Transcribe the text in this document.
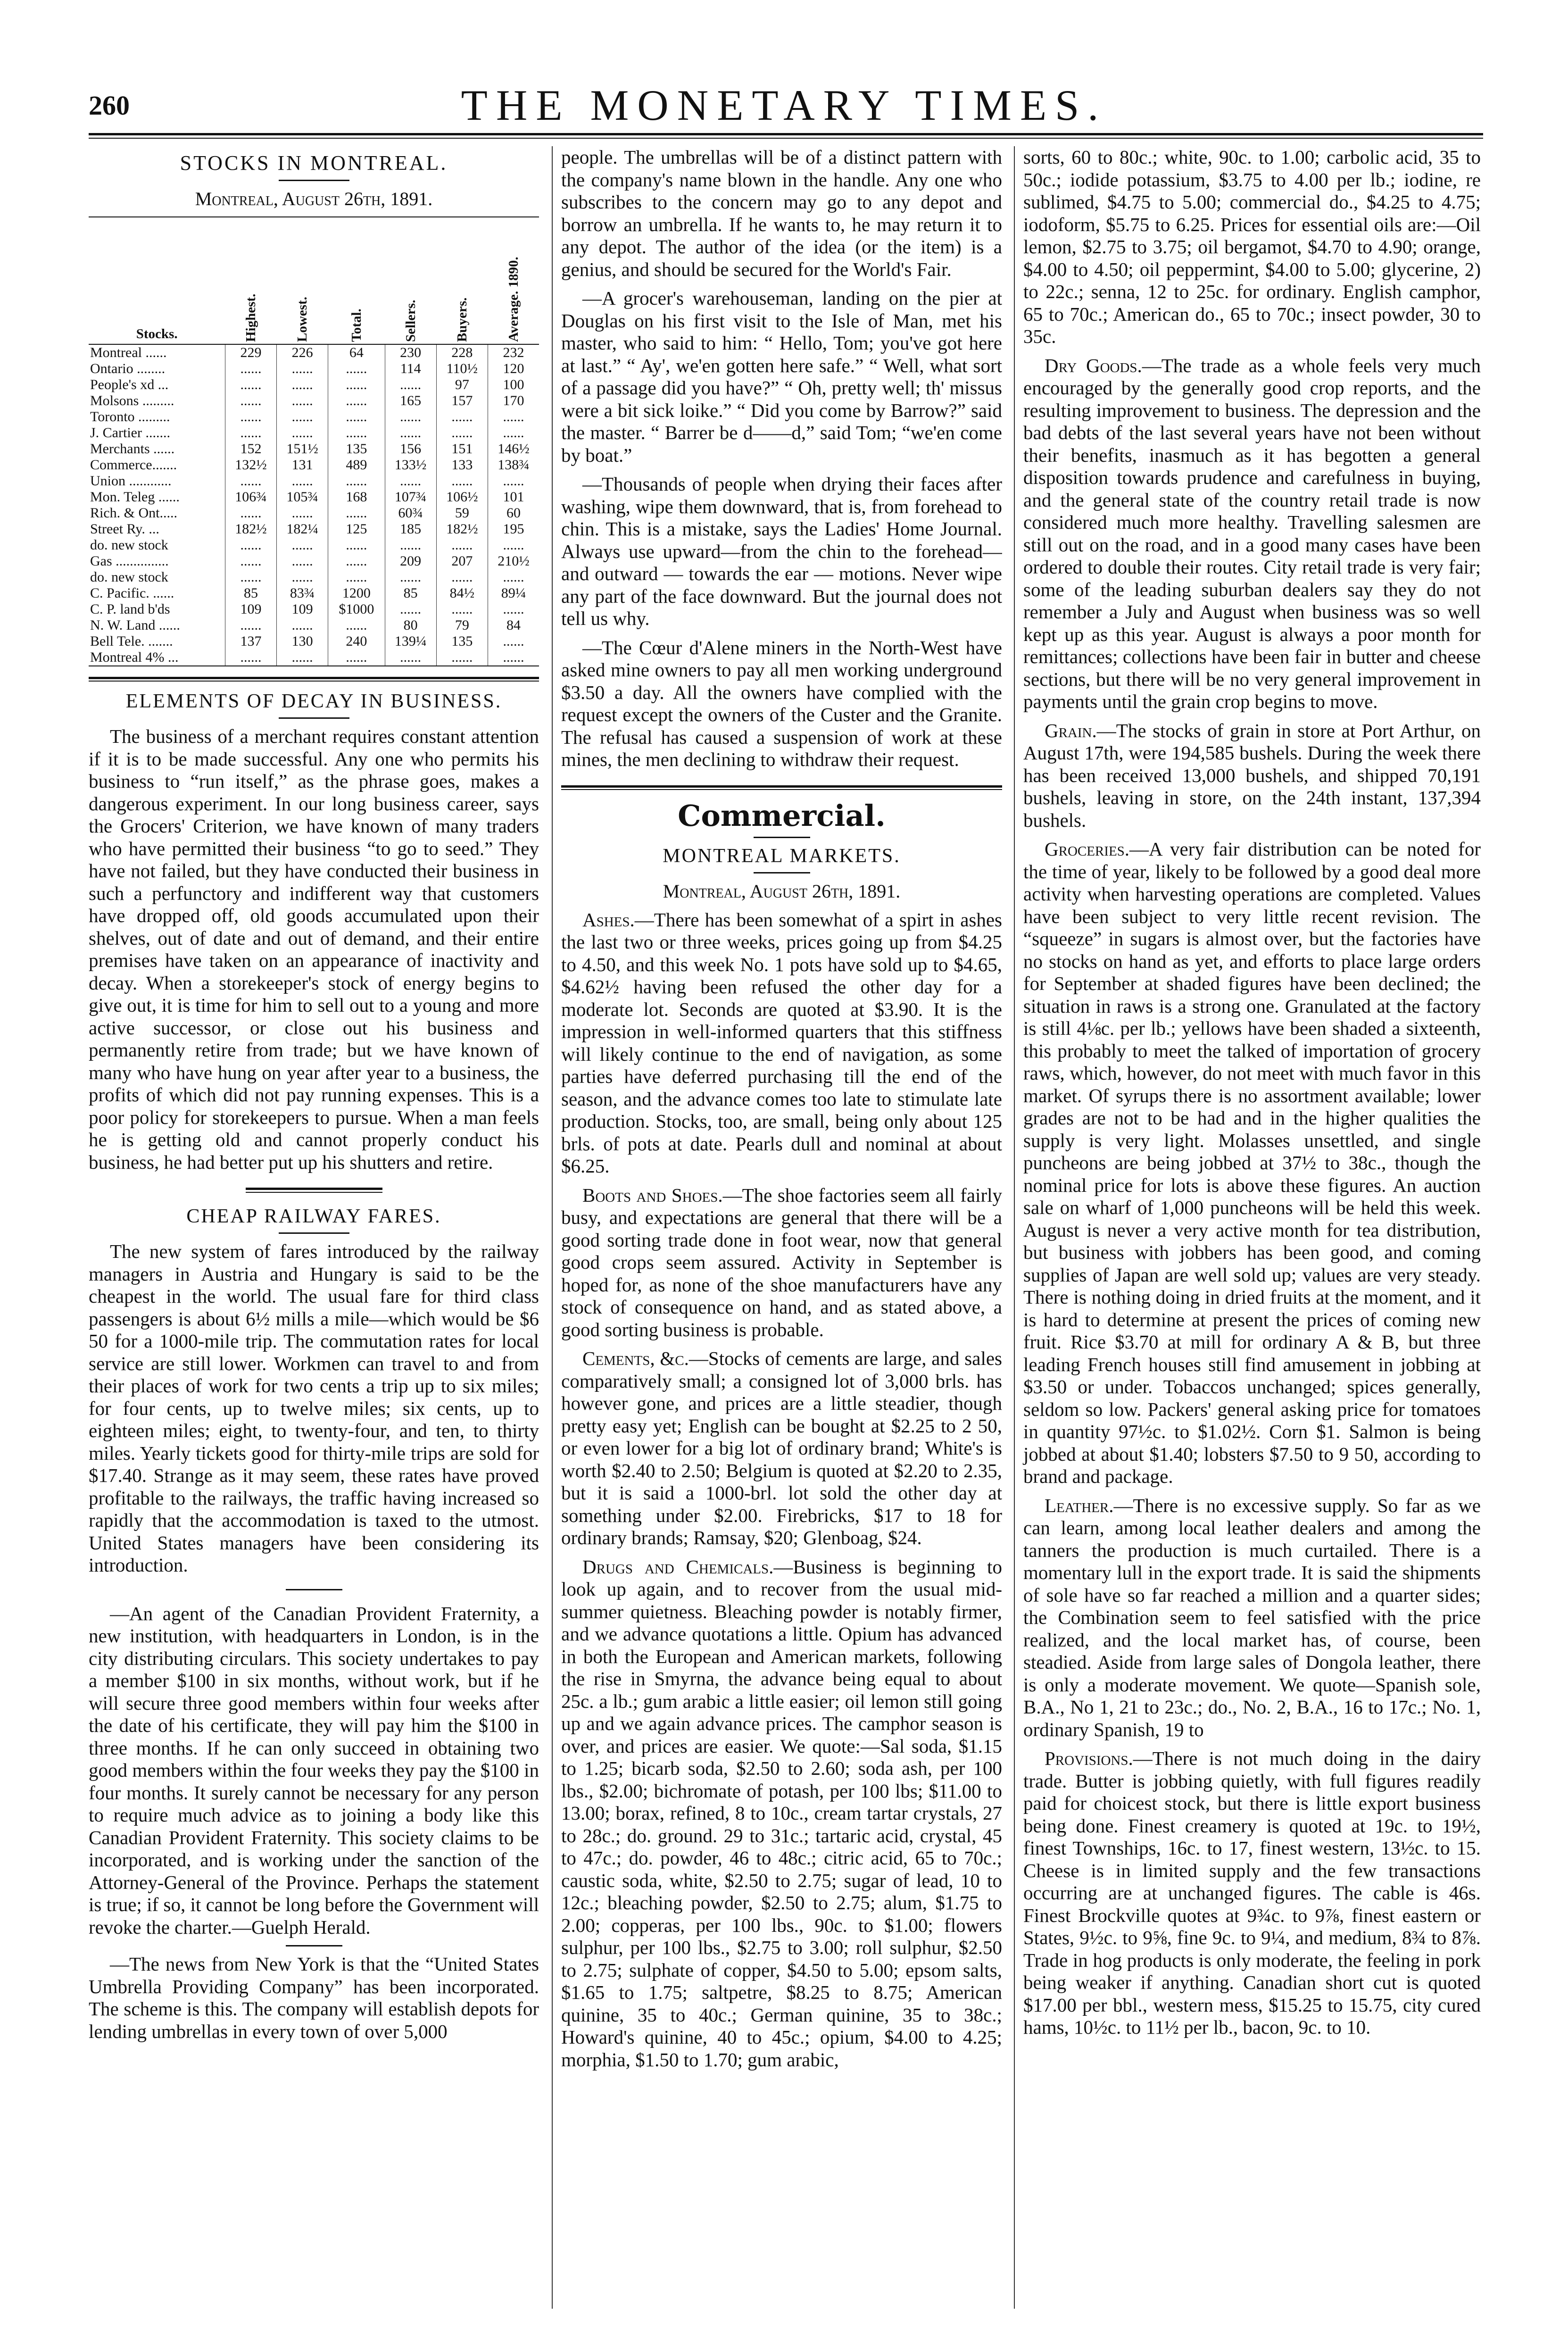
260	THE MONETARY TIMES.
STOCKS IN MONTREAL.
Montreal, August 26th, 1891.
Stocks.	Highest.	Lowest.	Total.	Sellers.	Buyers.	Average. 1890.
Montreal ......	229	226	64	230	228	232
Ontario ........	......	......	......	114	110½	120
People's xd ...	......	......	......	......	97	100
Molsons .........	......	......	......	165	157	170
Toronto .........	......	......	......	......	......	......
J. Cartier .......	......	......	......	......	......	......
Merchants ......	152	151½	135	156	151	146½
Commerce.......	132½	131	489	133½	133	138¾
Union ............	......	......	......	......	......	......
Mon. Teleg ......	106¾	105¾	168	107¾	106½	101
Rich. & Ont.....	......	......	......	60¾	59	60
Street Ry. ...	182½	182¼	125	185	182½	195
do. new stock	......	......	......	......	......	......
Gas ...............	......	......	......	209	207	210½
do. new stock	......	......	......	......	......	......
C. Pacific. ......	85	83¾	1200	85	84½	89¼
C. P. land b'ds	109	109	$1000	......	......	......
N. W. Land ......	......	......	......	80	79	84
Bell Tele. .......	137	130	240	139¼	135	......
Montreal 4% ...	......	......	......	......	......	......
ELEMENTS OF DECAY IN BUSINESS.

The business of a merchant requires constant attention if it is to be made successful. Any one who permits his business to “run itself,” as the phrase goes, makes a dangerous experiment. In our long business career, says the Grocers' Criterion, we have known of many traders who have permitted their business “to go to seed.” They have not failed, but they have conducted their business in such a perfunctory and indifferent way that customers have dropped off, old goods accumulated upon their shelves, out of date and out of demand, and their entire premises have taken on an appearance of inactivity and decay. When a storekeeper's stock of energy begins to give out, it is time for him to sell out to a young and more active successor, or close out his business and permanently retire from trade; but we have known of many who have hung on year after year to a business, the profits of which did not pay running expenses. This is a poor policy for storekeepers to pursue. When a man feels he is getting old and cannot properly conduct his business, he had better put up his shutters and retire.

CHEAP RAILWAY FARES.

The new system of fares introduced by the railway managers in Austria and Hungary is said to be the cheapest in the world. The usual fare for third class passengers is about 6½ mills a mile—which would be $6 50 for a 1000-mile trip. The commutation rates for local service are still lower. Workmen can travel to and from their places of work for two cents a trip up to six miles; for four cents, up to twelve miles; six cents, up to eighteen miles; eight, to twenty-four, and ten, to thirty miles. Yearly tickets good for thirty-mile trips are sold for $17.40. Strange as it may seem, these rates have proved profitable to the railways, the traffic having increased so rapidly that the accommodation is taxed to the utmost. United States managers have been considering its introduction.

—An agent of the Canadian Provident Fraternity, a new institution, with headquarters in London, is in the city distributing circulars. This society undertakes to pay a member $100 in six months, without work, but if he will secure three good members within four weeks after the date of his certificate, they will pay him the $100 in three months. If he can only succeed in obtaining two good members within the four weeks they pay the $100 in four months. It surely cannot be necessary for any person to require much advice as to joining a body like this Canadian Provident Fraternity. This society claims to be incorporated, and is working under the sanction of the Attorney-General of the Province. Perhaps the statement is true; if so, it cannot be long before the Government will revoke the charter.—Guelph Herald.

—The news from New York is that the “United States Umbrella Providing Company” has been incorporated. The scheme is this. The company will establish depots for lending umbrellas in every town of over 5,000

people. The umbrellas will be of a distinct pattern with the company's name blown in the handle. Any one who subscribes to the concern may go to any depot and borrow an umbrella. If he wants to, he may return it to any depot. The author of the idea (or the item) is a genius, and should be secured for the World's Fair.

—A grocer's warehouseman, landing on the pier at Douglas on his first visit to the Isle of Man, met his master, who said to him: “ Hello, Tom; you've got here at last.” “ Ay', we'en gotten here safe.” “ Well, what sort of a passage did you have?” “ Oh, pretty well; th' missus were a bit sick loike.” “ Did you come by Barrow?” said the master. “ Barrer be d——d,” said Tom; “we'en come by boat.”

—Thousands of people when drying their faces after washing, wipe them downward, that is, from forehead to chin. This is a mistake, says the Ladies' Home Journal. Always use upward—from the chin to the forehead—and outward — towards the ear — motions. Never wipe any part of the face downward. But the journal does not tell us why.

—The Cœur d'Alene miners in the North-West have asked mine owners to pay all men working underground $3.50 a day. All the owners have complied with the request except the owners of the Custer and the Granite. The refusal has caused a suspension of work at these mines, the men declining to withdraw their request.

Commercial.
MONTREAL MARKETS.
Montreal, August 26th, 1891.

Ashes.—There has been somewhat of a spirt in ashes the last two or three weeks, prices going up from $4.25 to 4.50, and this week No. 1 pots have sold up to $4.65, $4.62½ having been refused the other day for a moderate lot. Seconds are quoted at $3.90. It is the impression in well-informed quarters that this stiffness will likely continue to the end of navigation, as some parties have deferred purchasing till the end of the season, and the advance comes too late to stimulate late production. Stocks, too, are small, being only about 125 brls. of pots at date. Pearls dull and nominal at about $6.25.

Boots and Shoes.—The shoe factories seem all fairly busy, and expectations are general that there will be a good sorting trade done in foot wear, now that general good crops seem assured. Activity in September is hoped for, as none of the shoe manufacturers have any stock of consequence on hand, and as stated above, a good sorting business is probable.

Cements, &c.—Stocks of cements are large, and sales comparatively small; a consigned lot of 3,000 brls. has however gone, and prices are a little steadier, though pretty easy yet; English can be bought at $2.25 to 2 50, or even lower for a big lot of ordinary brand; White's is worth $2.40 to 2.50; Belgium is quoted at $2.20 to 2.35, but it is said a 1000-brl. lot sold the other day at something under $2.00. Firebricks, $17 to 18 for ordinary brands; Ramsay, $20; Glenboag, $24.

Drugs and Chemicals.—Business is beginning to look up again, and to recover from the usual mid-summer quietness. Bleaching powder is notably firmer, and we advance quotations a little. Opium has advanced in both the European and American markets, following the rise in Smyrna, the advance being equal to about 25c. a lb.; gum arabic a little easier; oil lemon still going up and we again advance prices. The camphor season is over, and prices are easier. We quote:—Sal soda, $1.15 to 1.25; bicarb soda, $2.50 to 2.60; soda ash, per 100 lbs., $2.00; bichromate of potash, per 100 lbs; $11.00 to 13.00; borax, refined, 8 to 10c., cream tartar crystals, 27 to 28c.; do. ground. 29 to 31c.; tartaric acid, crystal, 45 to 47c.; do. powder, 46 to 48c.; citric acid, 65 to 70c.; caustic soda, white, $2.50 to 2.75; sugar of lead, 10 to 12c.; bleaching powder, $2.50 to 2.75; alum, $1.75 to 2.00; copperas, per 100 lbs., 90c. to $1.00; flowers sulphur, per 100 lbs., $2.75 to 3.00; roll sulphur, $2.50 to 2.75; sulphate of copper, $4.50 to 5.00; epsom salts, $1.65 to 1.75; saltpetre, $8.25 to 8.75; American quinine, 35 to 40c.; German quinine, 35 to 38c.; Howard's quinine, 40 to 45c.; opium, $4.00 to 4.25; morphia, $1.50 to 1.70; gum arabic,

sorts, 60 to 80c.; white, 90c. to 1.00; carbolic acid, 35 to 50c.; iodide potassium, $3.75 to 4.00 per lb.; iodine, re sublimed, $4.75 to 5.00; commercial do., $4.25 to 4.75; iodoform, $5.75 to 6.25. Prices for essential oils are:—Oil lemon, $2.75 to 3.75; oil bergamot, $4.70 to 4.90; orange, $4.00 to 4.50; oil peppermint, $4.00 to 5.00; glycerine, 2) to 22c.; senna, 12 to 25c. for ordinary. English camphor, 65 to 70c.; American do., 65 to 70c.; insect powder, 30 to 35c.

Dry Goods.—The trade as a whole feels very much encouraged by the generally good crop reports, and the resulting improvement to business. The depression and the bad debts of the last several years have not been without their benefits, inasmuch as it has begotten a general disposition towards prudence and carefulness in buying, and the general state of the country retail trade is now considered much more healthy. Travelling salesmen are still out on the road, and in a good many cases have been ordered to double their routes. City retail trade is very fair; some of the leading suburban dealers say they do not remember a July and August when business was so well kept up as this year. August is always a poor month for remittances; collections have been fair in butter and cheese sections, but there will be no very general improvement in payments until the grain crop begins to move.

Grain.—The stocks of grain in store at Port Arthur, on August 17th, were 194,585 bushels. During the week there has been received 13,000 bushels, and shipped 70,191 bushels, leaving in store, on the 24th instant, 137,394 bushels.

Groceries.—A very fair distribution can be noted for the time of year, likely to be followed by a good deal more activity when harvesting operations are completed. Values have been subject to very little recent revision. The “squeeze” in sugars is almost over, but the factories have no stocks on hand as yet, and efforts to place large orders for September at shaded figures have been declined; the situation in raws is a strong one. Granulated at the factory is still 4⅛c. per lb.; yellows have been shaded a sixteenth, this probably to meet the talked of importation of grocery raws, which, however, do not meet with much favor in this market. Of syrups there is no assortment available; lower grades are not to be had and in the higher qualities the supply is very light. Molasses unsettled, and single puncheons are being jobbed at 37½ to 38c., though the nominal price for lots is above these figures. An auction sale on wharf of 1,000 puncheons will be held this week. August is never a very active month for tea distribution, but business with jobbers has been good, and coming supplies of Japan are well sold up; values are very steady. There is nothing doing in dried fruits at the moment, and it is hard to determine at present the prices of coming new fruit. Rice $3.70 at mill for ordinary A & B, but three leading French houses still find amusement in jobbing at $3.50 or under. Tobaccos unchanged; spices generally, seldom so low. Packers' general asking price for tomatoes in quantity 97½c. to $1.02½. Corn $1. Salmon is being jobbed at about $1.40; lobsters $7.50 to 9 50, according to brand and package.

Leather.—There is no excessive supply. So far as we can learn, among local leather dealers and among the tanners the production is much curtailed. There is a momentary lull in the export trade. It is said the shipments of sole have so far reached a million and a quarter sides; the Combination seem to feel satisfied with the price realized, and the local market has, of course, been steadied. Aside from large sales of Dongola leather, there is only a moderate movement. We quote—Spanish sole, B.A., No 1, 21 to 23c.; do., No. 2, B.A., 16 to 17c.; No. 1, ordinary Spanish, 19 to

Provisions.—There is not much doing in the dairy trade. Butter is jobbing quietly, with full figures readily paid for choicest stock, but there is little export business being done. Finest creamery is quoted at 19c. to 19½, finest Townships, 16c. to 17, finest western, 13½c. to 15. Cheese is in limited supply and the few transactions occurring are at unchanged figures. The cable is 46s. Finest Brockville quotes at 9¾c. to 9⅞, finest eastern or States, 9½c. to 9⅝, fine 9c. to 9¼, and medium, 8¾ to 8⅞. Trade in hog products is only moderate, the feeling in pork being weaker if anything. Canadian short cut is quoted $17.00 per bbl., western mess, $15.25 to 15.75, city cured hams, 10½c. to 11½ per lb., bacon, 9c. to 10.
